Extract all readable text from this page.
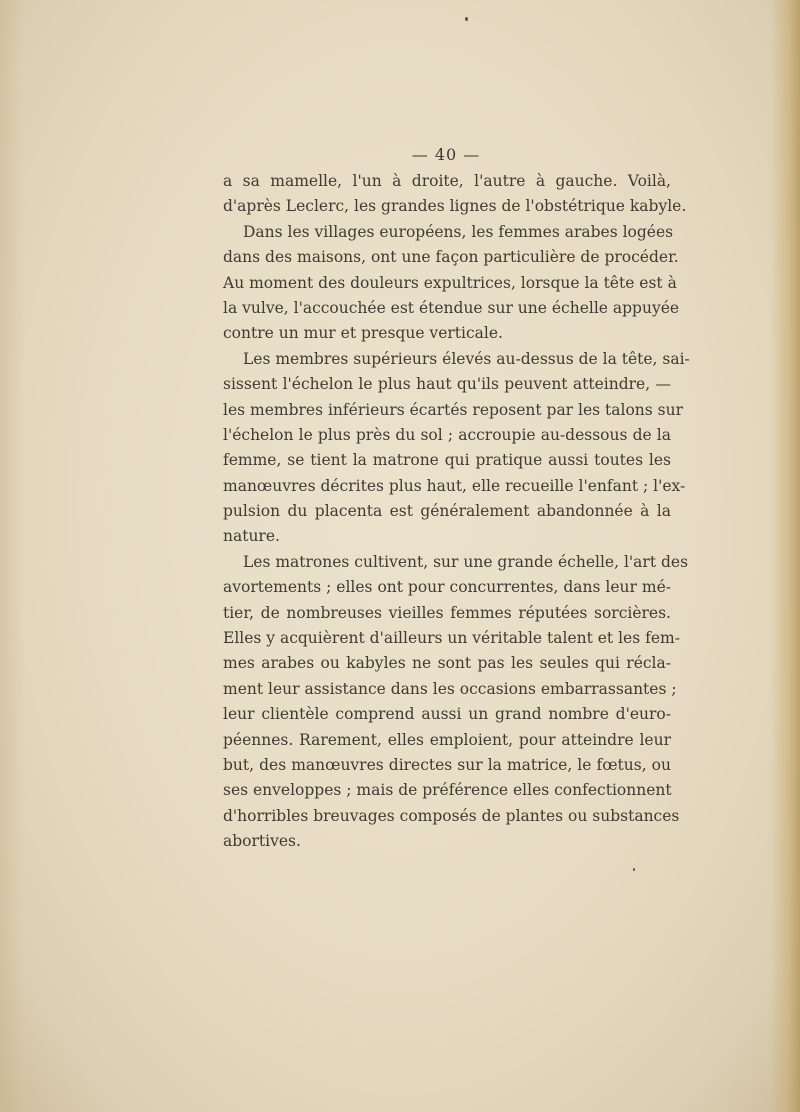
— 40 —
a sa mamelle, l'un à droite, l'autre à gauche. Voilà,
d'après Leclerc, les grandes lignes de l'obstétrique kabyle.
Dans les villages européens, les femmes arabes logées
dans des maisons, ont une façon particulière de procéder.
Au moment des douleurs expultrices, lorsque la tête est à
la vulve, l'accouchée est étendue sur une échelle appuyée
contre un mur et presque verticale.
Les membres supérieurs élevés au-dessus de la tête, sai-
sissent l'échelon le plus haut qu'ils peuvent atteindre, —
les membres inférieurs écartés reposent par les talons sur
l'échelon le plus près du sol ; accroupie au-dessous de la
femme, se tient la matrone qui pratique aussi toutes les
manœuvres décrites plus haut, elle recueille l'enfant ; l'ex-
pulsion du placenta est généralement abandonnée à la
nature.
Les matrones cultivent, sur une grande échelle, l'art des
avortements ; elles ont pour concurrentes, dans leur mé-
tier, de nombreuses vieilles femmes réputées sorcières.
Elles y acquièrent d'ailleurs un véritable talent et les fem-
mes arabes ou kabyles ne sont pas les seules qui récla-
ment leur assistance dans les occasions embarrassantes ;
leur clientèle comprend aussi un grand nombre d'euro-
péennes. Rarement, elles emploient, pour atteindre leur
but, des manœuvres directes sur la matrice, le fœtus, ou
ses enveloppes ; mais de préférence elles confectionnent
d'horribles breuvages composés de plantes ou substances
abortives.
